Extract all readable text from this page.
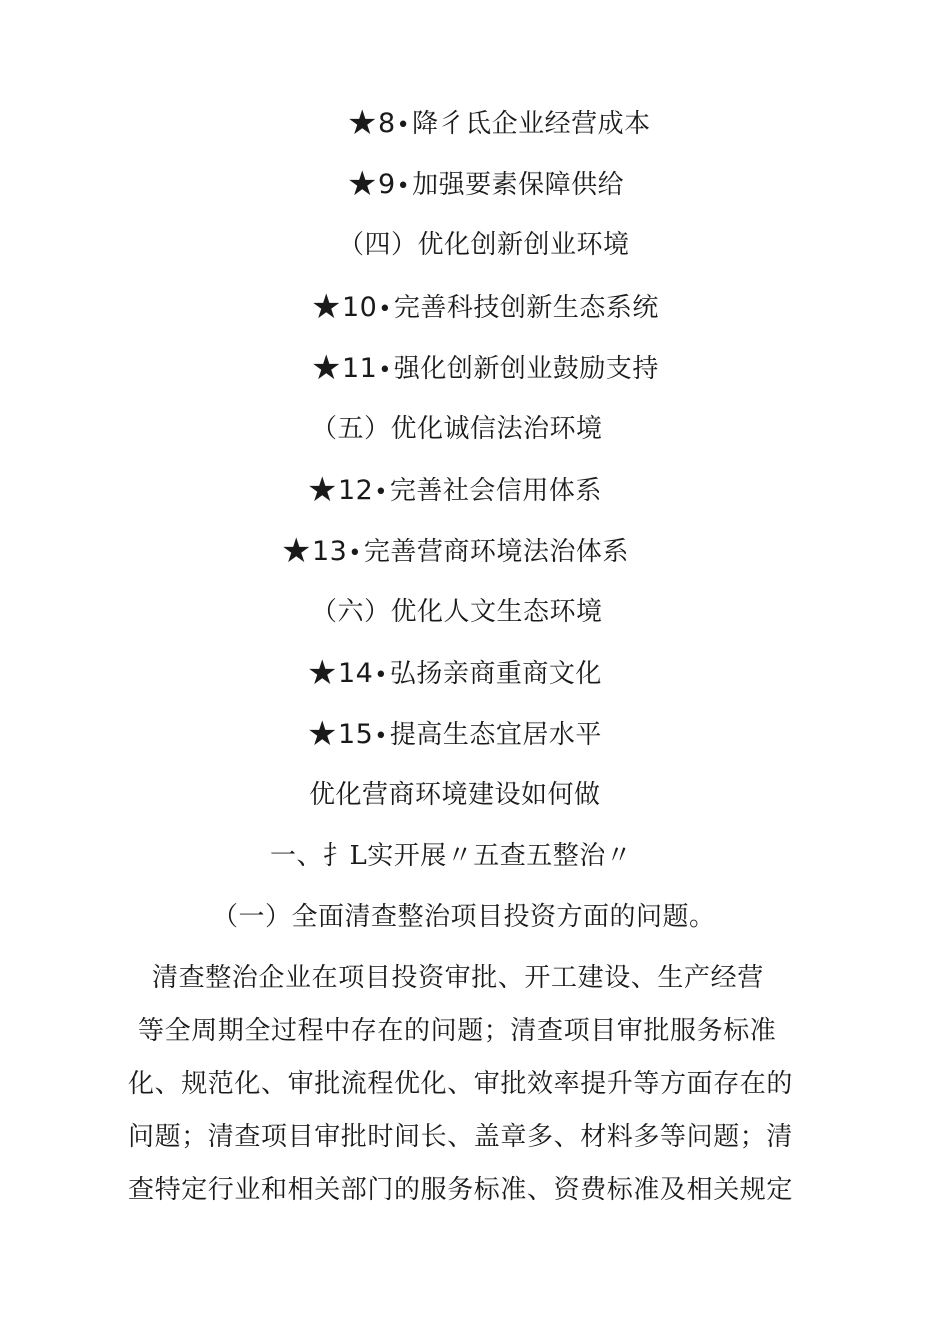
★8•降彳氐企业经营成本
★9•加强要素保障供给
（四）优化创新创业环境
★10•完善科技创新生态系统
★11•强化创新创业鼓励支持
（五）优化诚信法治环境
★12•完善社会信用体系
★13•完善营商环境法治体系
（六）优化人文生态环境
★14•弘扬亲商重商文化
★15•提高生态宜居水平
优化营商环境建设如何做
一、扌L实开展〃五查五整治〃
（一）全面清查整治项目投资方面的问题。
清查整治企业在项目投资审批、开工建设、生产经营
等全周期全过程中存在的问题；清查项目审批服务标准
化、规范化、审批流程优化、审批效率提升等方面存在的
问题；清查项目审批时间长、盖章多、材料多等问题；清
查特定行业和相关部门的服务标准、资费标准及相关规定
